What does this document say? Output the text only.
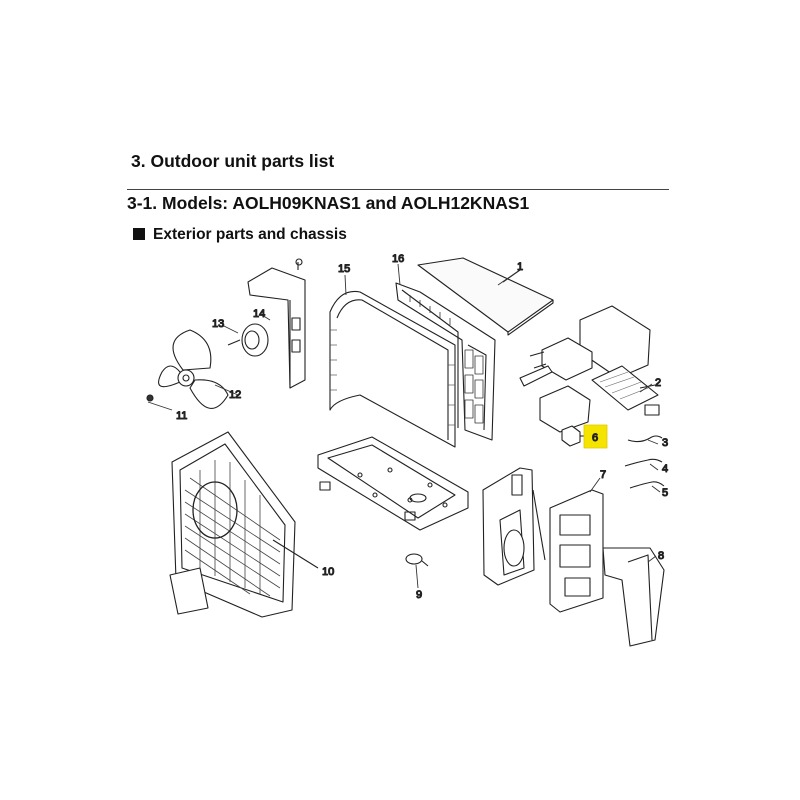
3. Outdoor unit parts list
3-1. Models: AOLH09KNAS1 and AOLH12KNAS1
Exterior parts and chassis
1
2
3
4
5
6
7
8
9
10
11
12
13
14
15
16
